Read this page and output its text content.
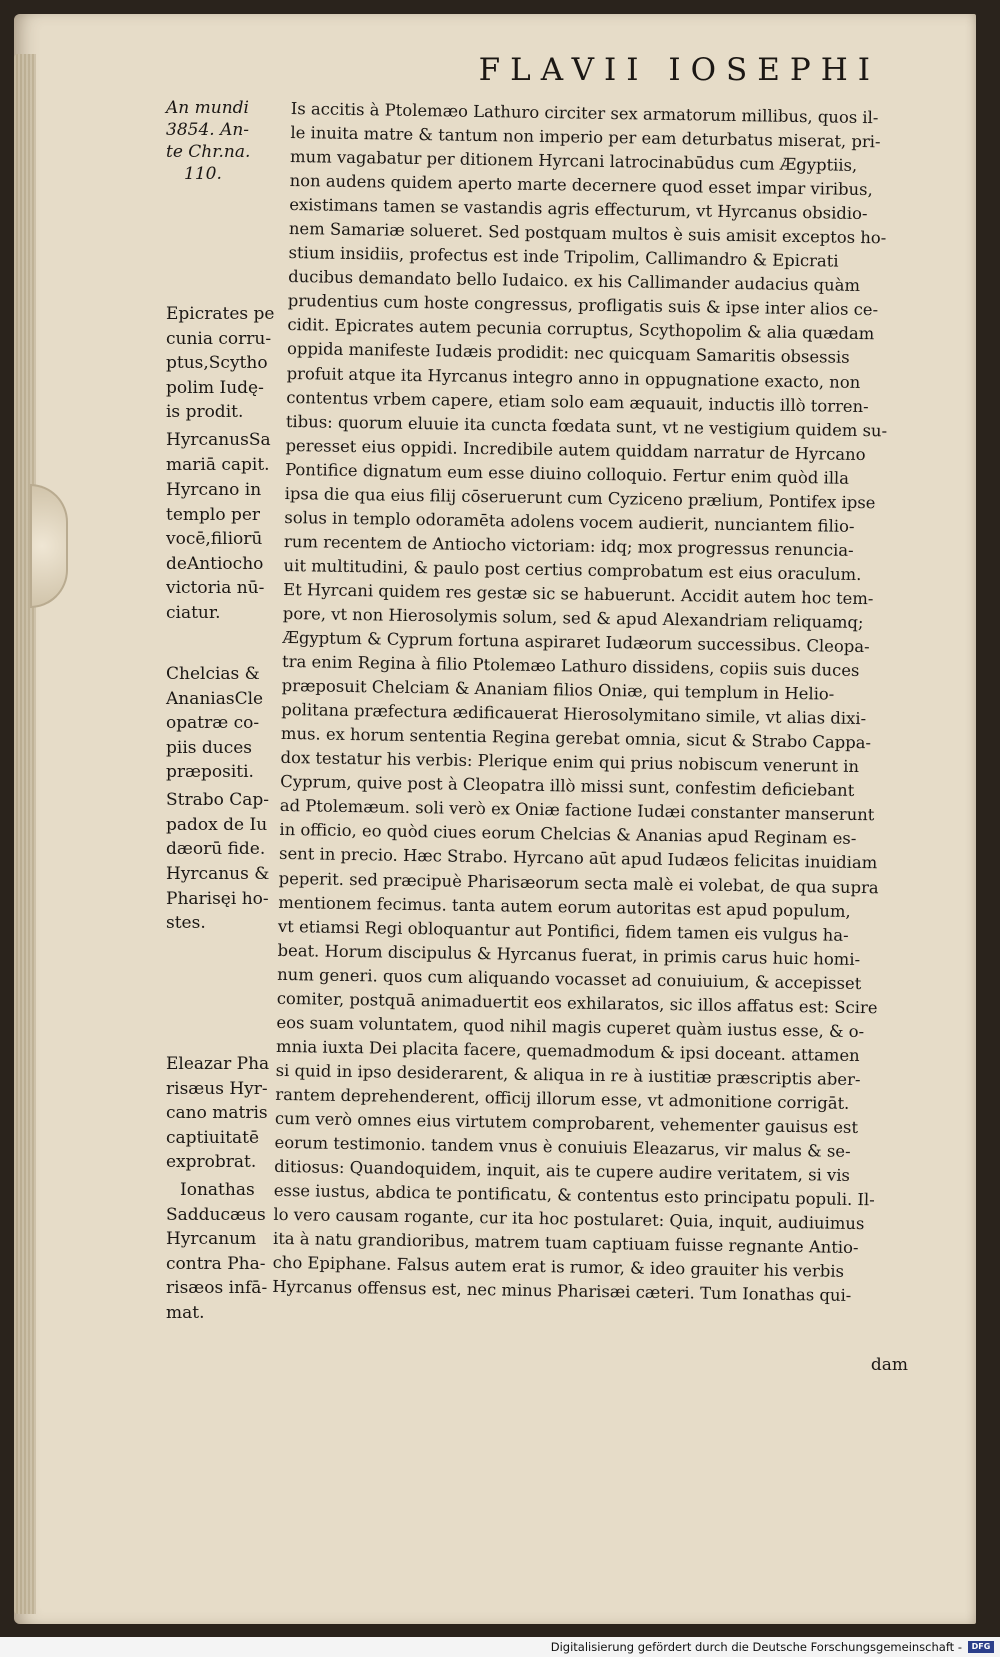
FLAVII IOSEPHI
An mundi
3854. An-
te Chr.na.
110.
Epicrates pe
cunia corru-
ptus,Scytho
polim Iudę-
is prodit.
HyrcanusSa
mariā capit.
Hyrcano in
templo per
vocē,filiorū
deAntiocho
victoria nū-
ciatur.
Chelcias &
AnaniasCle
opatræ co-
piis duces
præpositi.
Strabo Cap-
padox de Iu
dæorū fide.
Hyrcanus &
Pharisęi ho-
stes.
Eleazar Pha
risæus Hyr-
cano matris
captiuitatē
exprobrat.
Ionathas
Sadducæus
Hyrcanum
contra Pha-
risæos infā-
mat.
Is accitis à Ptolemæo Lathuro circiter sex armatorum millibus, quos il-
le inuita matre & tantum non imperio per eam deturbatus miserat, pri-
mum vagabatur per ditionem Hyrcani latrocinabūdus cum Ægyptiis,
non audens quidem aperto marte decernere quod esset impar viribus,
existimans tamen se vastandis agris effecturum, vt Hyrcanus obsidio-
nem Samariæ solueret. Sed postquam multos è suis amisit exceptos ho-
stium insidiis, profectus est inde Tripolim, Callimandro & Epicrati
ducibus demandato bello Iudaico. ex his Callimander audacius quàm
prudentius cum hoste congressus, profligatis suis & ipse inter alios ce-
cidit. Epicrates autem pecunia corruptus, Scythopolim & alia quædam
oppida manifeste Iudæis prodidit: nec quicquam Samaritis obsessis
profuit atque ita Hyrcanus integro anno in oppugnatione exacto, non
contentus vrbem capere, etiam solo eam æquauit, inductis illò torren-
tibus: quorum eluuie ita cuncta fœdata sunt, vt ne vestigium quidem su-
peresset eius oppidi. Incredibile autem quiddam narratur de Hyrcano
Pontifice dignatum eum esse diuino colloquio. Fertur enim quòd illa
ipsa die qua eius filij cōseruerunt cum Cyziceno prælium, Pontifex ipse
solus in templo odoramēta adolens vocem audierit, nunciantem filio-
rum recentem de Antiocho victoriam: idq; mox progressus renuncia-
uit multitudini, & paulo post certius comprobatum est eius oraculum.
Et Hyrcani quidem res gestæ sic se habuerunt. Accidit autem hoc tem-
pore, vt non Hierosolymis solum, sed & apud Alexandriam reliquamq;
Ægyptum & Cyprum fortuna aspiraret Iudæorum successibus. Cleopa-
tra enim Regina à filio Ptolemæo Lathuro dissidens, copiis suis duces
præposuit Chelciam & Ananiam filios Oniæ, qui templum in Helio-
politana præfectura ædificauerat Hierosolymitano simile, vt alias dixi-
mus. ex horum sententia Regina gerebat omnia, sicut & Strabo Cappa-
dox testatur his verbis: Plerique enim qui prius nobiscum venerunt in
Cyprum, quive post à Cleopatra illò missi sunt, confestim deficiebant
ad Ptolemæum. soli verò ex Oniæ factione Iudæi constanter manserunt
in officio, eo quòd ciues eorum Chelcias & Ananias apud Reginam es-
sent in precio. Hæc Strabo. Hyrcano aūt apud Iudæos felicitas inuidiam
peperit. sed præcipuè Pharisæorum secta malè ei volebat, de qua supra
mentionem fecimus. tanta autem eorum autoritas est apud populum,
vt etiamsi Regi obloquantur aut Pontifici, fidem tamen eis vulgus ha-
beat. Horum discipulus & Hyrcanus fuerat, in primis carus huic homi-
num generi. quos cum aliquando vocasset ad conuiuium, & accepisset
comiter, postquā animaduertit eos exhilaratos, sic illos affatus est: Scire
eos suam voluntatem, quod nihil magis cuperet quàm iustus esse, & o-
mnia iuxta Dei placita facere, quemadmodum & ipsi doceant. attamen
si quid in ipso desiderarent, & aliqua in re à iustitiæ præscriptis aber-
rantem deprehenderent, officij illorum esse, vt admonitione corrigāt.
cum verò omnes eius virtutem comprobarent, vehementer gauisus est
eorum testimonio. tandem vnus è conuiuis Eleazarus, vir malus & se-
ditiosus: Quandoquidem, inquit, ais te cupere audire veritatem, si vis
esse iustus, abdica te pontificatu, & contentus esto principatu populi. Il-
lo vero causam rogante, cur ita hoc postularet: Quia, inquit, audiuimus
ita à natu grandioribus, matrem tuam captiuam fuisse regnante Antio-
cho Epiphane. Falsus autem erat is rumor, & ideo grauiter his verbis
Hyrcanus offensus est, nec minus Pharisæi cæteri. Tum Ionathas qui-
dam
Digitalisierung gefördert durch die Deutsche Forschungsgemeinschaft -	DFG
